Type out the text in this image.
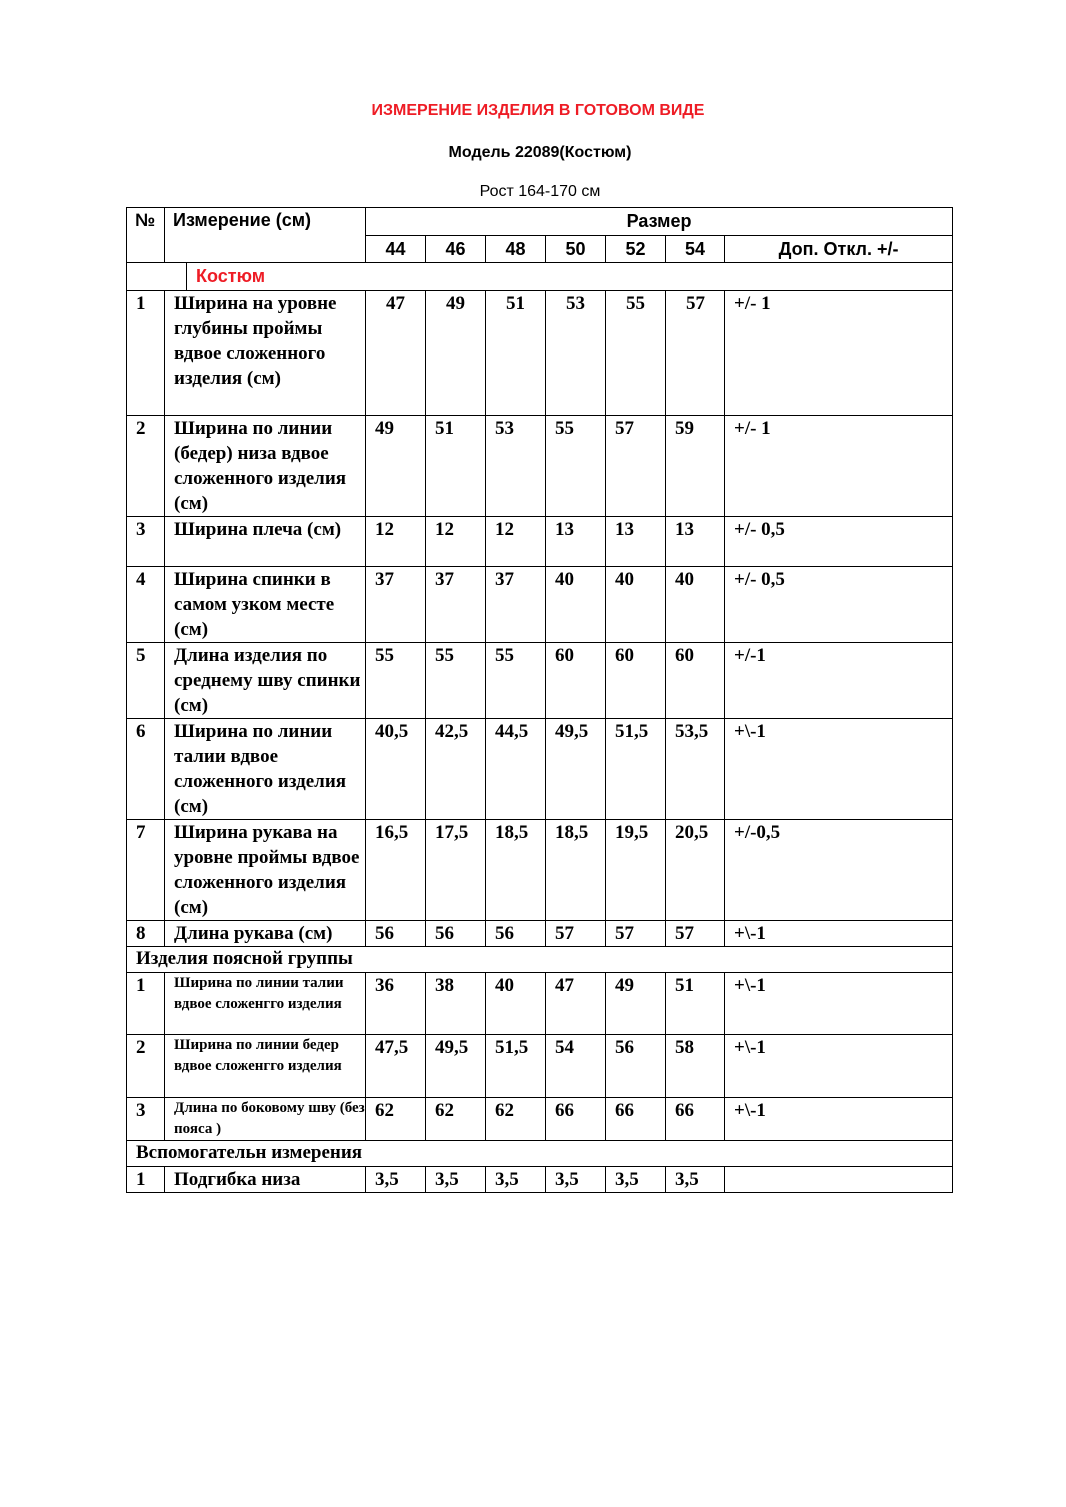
ИЗМЕРЕНИЕ ИЗДЕЛИЯ В ГОТОВОМ ВИДЕ
Модель 22089(Костюм)
Рост 164-170 см
№	Измерение (см)	Размер						
		44	46	48	50	52	54	Доп. Откл. +/-

Костюм								

1	Ширина на уровне глубины проймы вдвое сложенного изделия (см)	47	49	51	53	55	57	+/- 1
2	Ширина по линии (бедер) низа вдвое сложенного изделия (см)	49	51	53	55	57	59	+/- 1
3	Ширина плеча (см)	12	12	12	13	13	13	+/- 0,5
4	Ширина спинки в самом узком месте (см)	37	37	37	40	40	40	+/- 0,5
5	Длина изделия по среднему шву спинки (см)	55	55	55	60	60	60	+/-1
6	Ширина по линии талии вдвое сложенного изделия (см)	40,5	42,5	44,5	49,5	51,5	53,5	+\-1
7	Ширина рукава на уровне проймы вдвое сложенного изделия (см)	16,5	17,5	18,5	18,5	19,5	20,5	+/-0,5
8	Длина рукава (см)	56	56	56	57	57	57	+\-1
Изделия поясной группы								
1	Ширина по линии талии вдвое сложенгго изделия	36	38	40	47	49	51	+\-1
2	Ширина по линии бедер вдвое сложенгго изделия	47,5	49,5	51,5	54	56	58	+\-1
3	Длина по боковому шву (без пояса )	62	62	62	66	66	66	+\-1
Вспомогательн измерения								
1	Подгибка низа	3,5	3,5	3,5	3,5	3,5	3,5	
